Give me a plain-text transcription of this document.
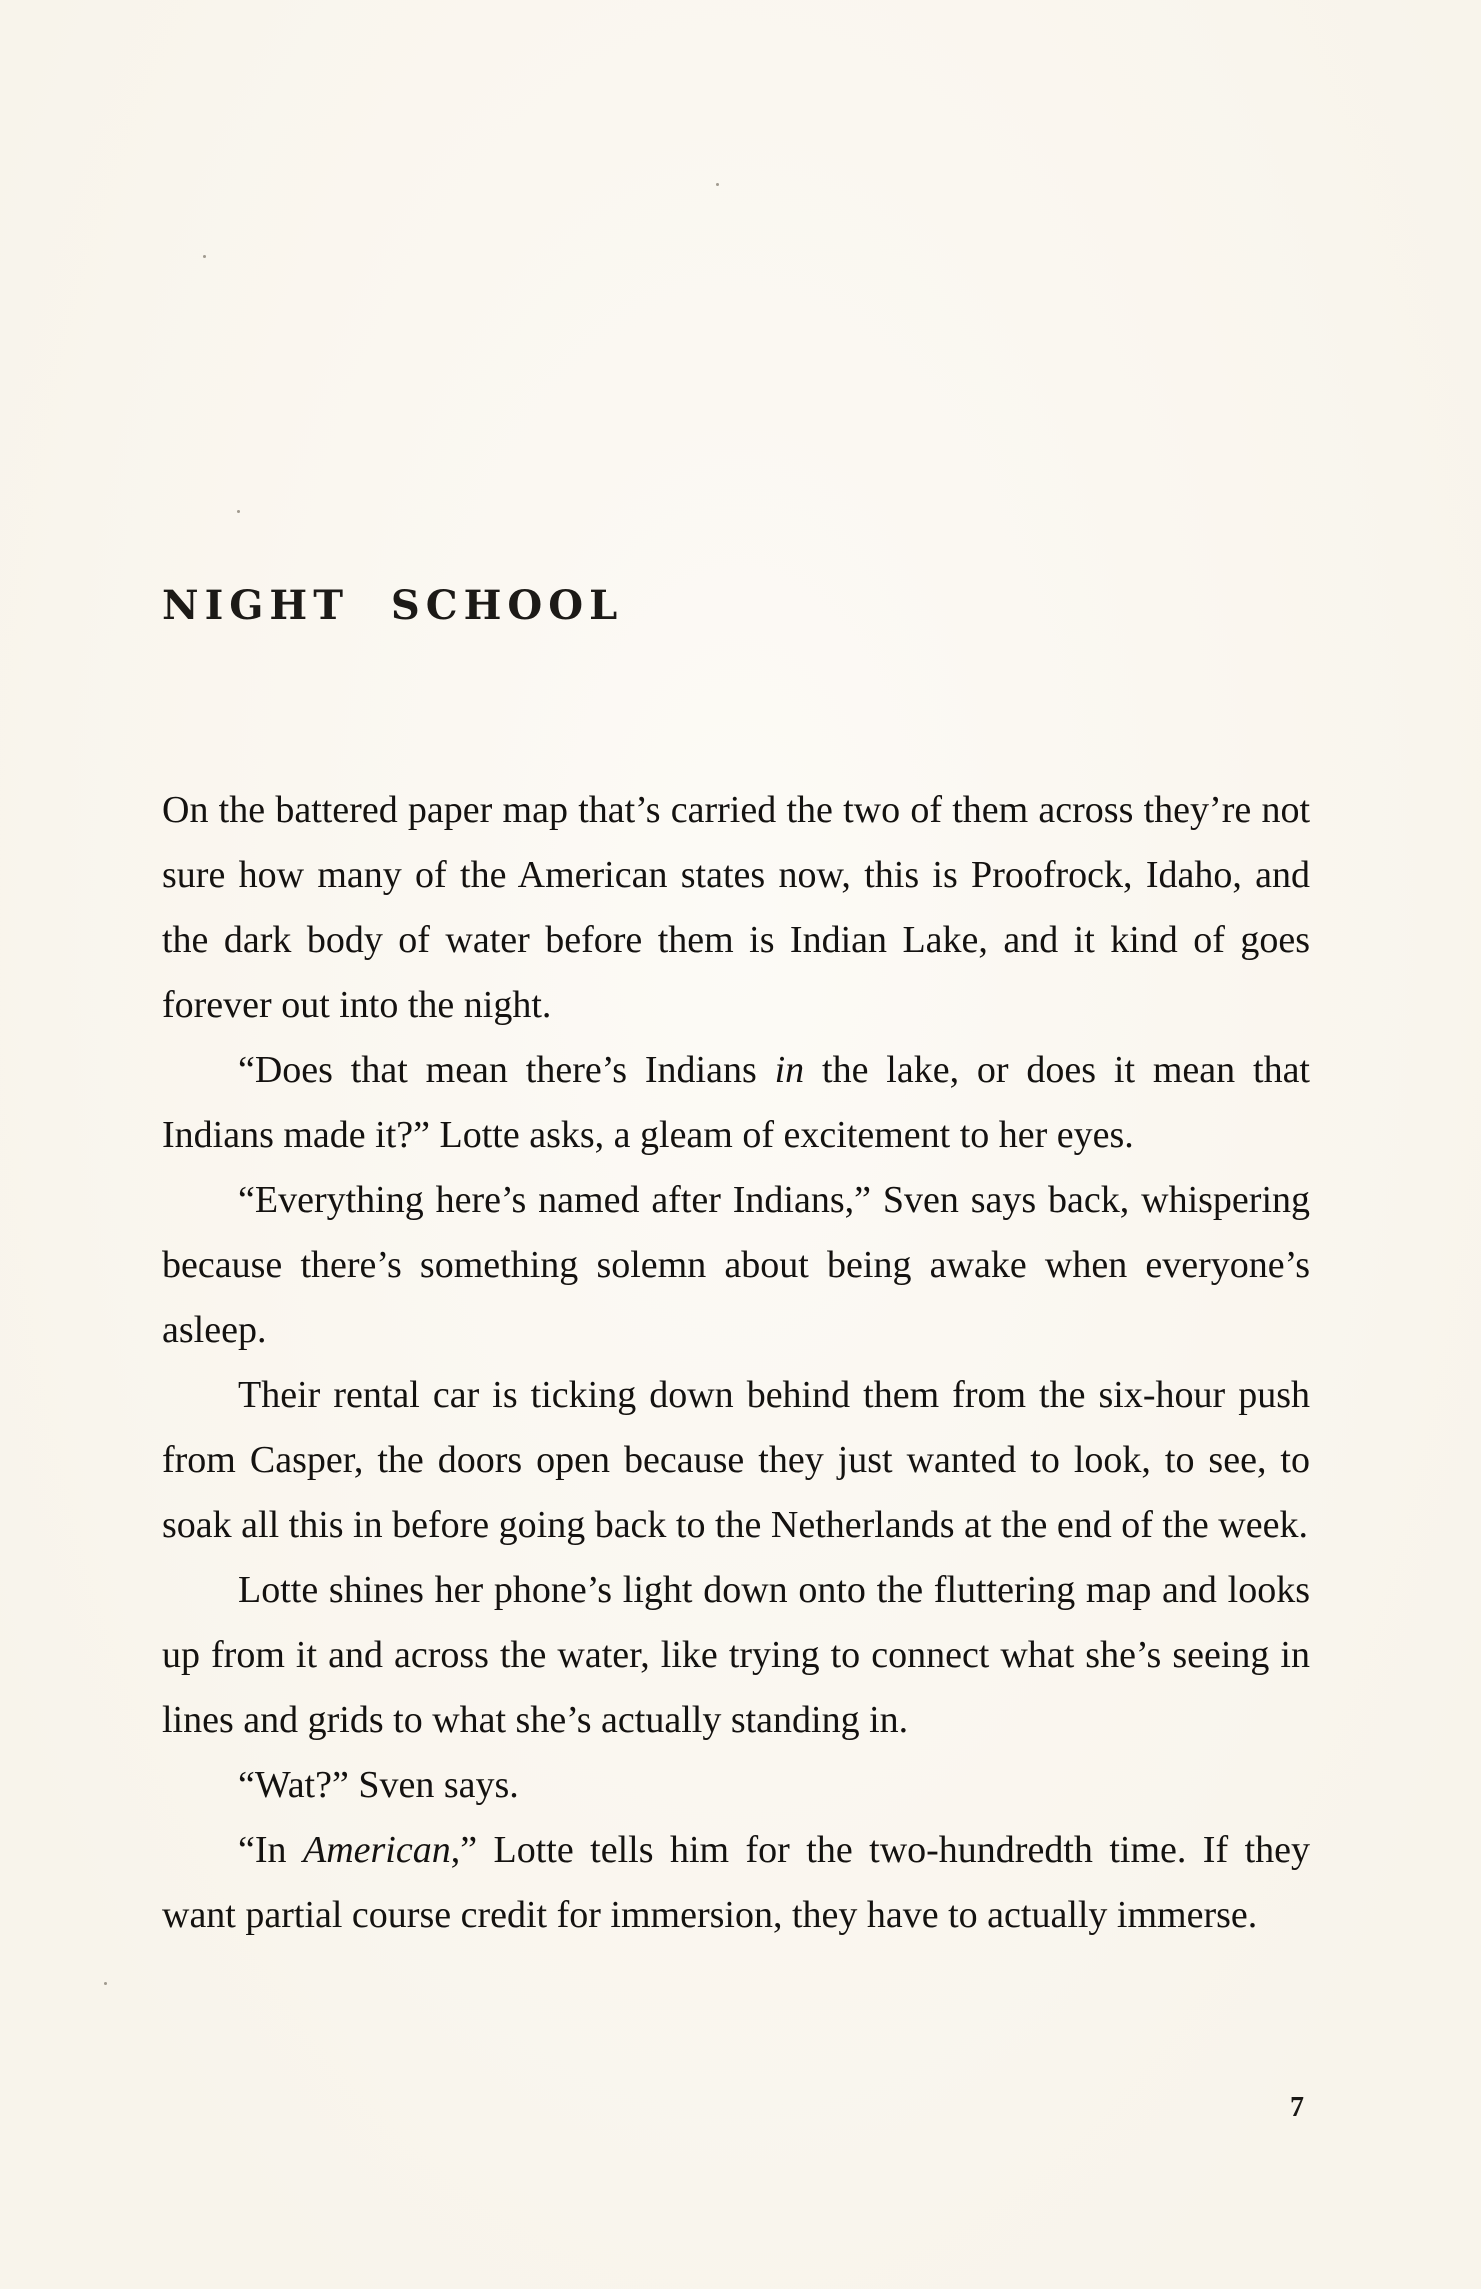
NIGHT SCHOOL

On the battered paper map that’s carried the two of them across they’re not sure how many of the American states now, this is Proofrock, Idaho, and the dark body of water before them is Indian Lake, and it kind of goes forever out into the night.

“Does that mean there’s Indians in the lake, or does it mean that Indians made it?” Lotte asks, a gleam of excitement to her eyes.

“Everything here’s named after Indians,” Sven says back, whispering because there’s something solemn about being awake when everyone’s asleep.

Their rental car is ticking down behind them from the six-hour push from Casper, the doors open because they just wanted to look, to see, to soak all this in before going back to the Netherlands at the end of the week.

Lotte shines her phone’s light down onto the fluttering map and looks up from it and across the water, like trying to connect what she’s seeing in lines and grids to what she’s actually standing in.

“Wat?” Sven says.

“In American,” Lotte tells him for the two-hundredth time. If they want partial course credit for immersion, they have to actually immerse.

7
